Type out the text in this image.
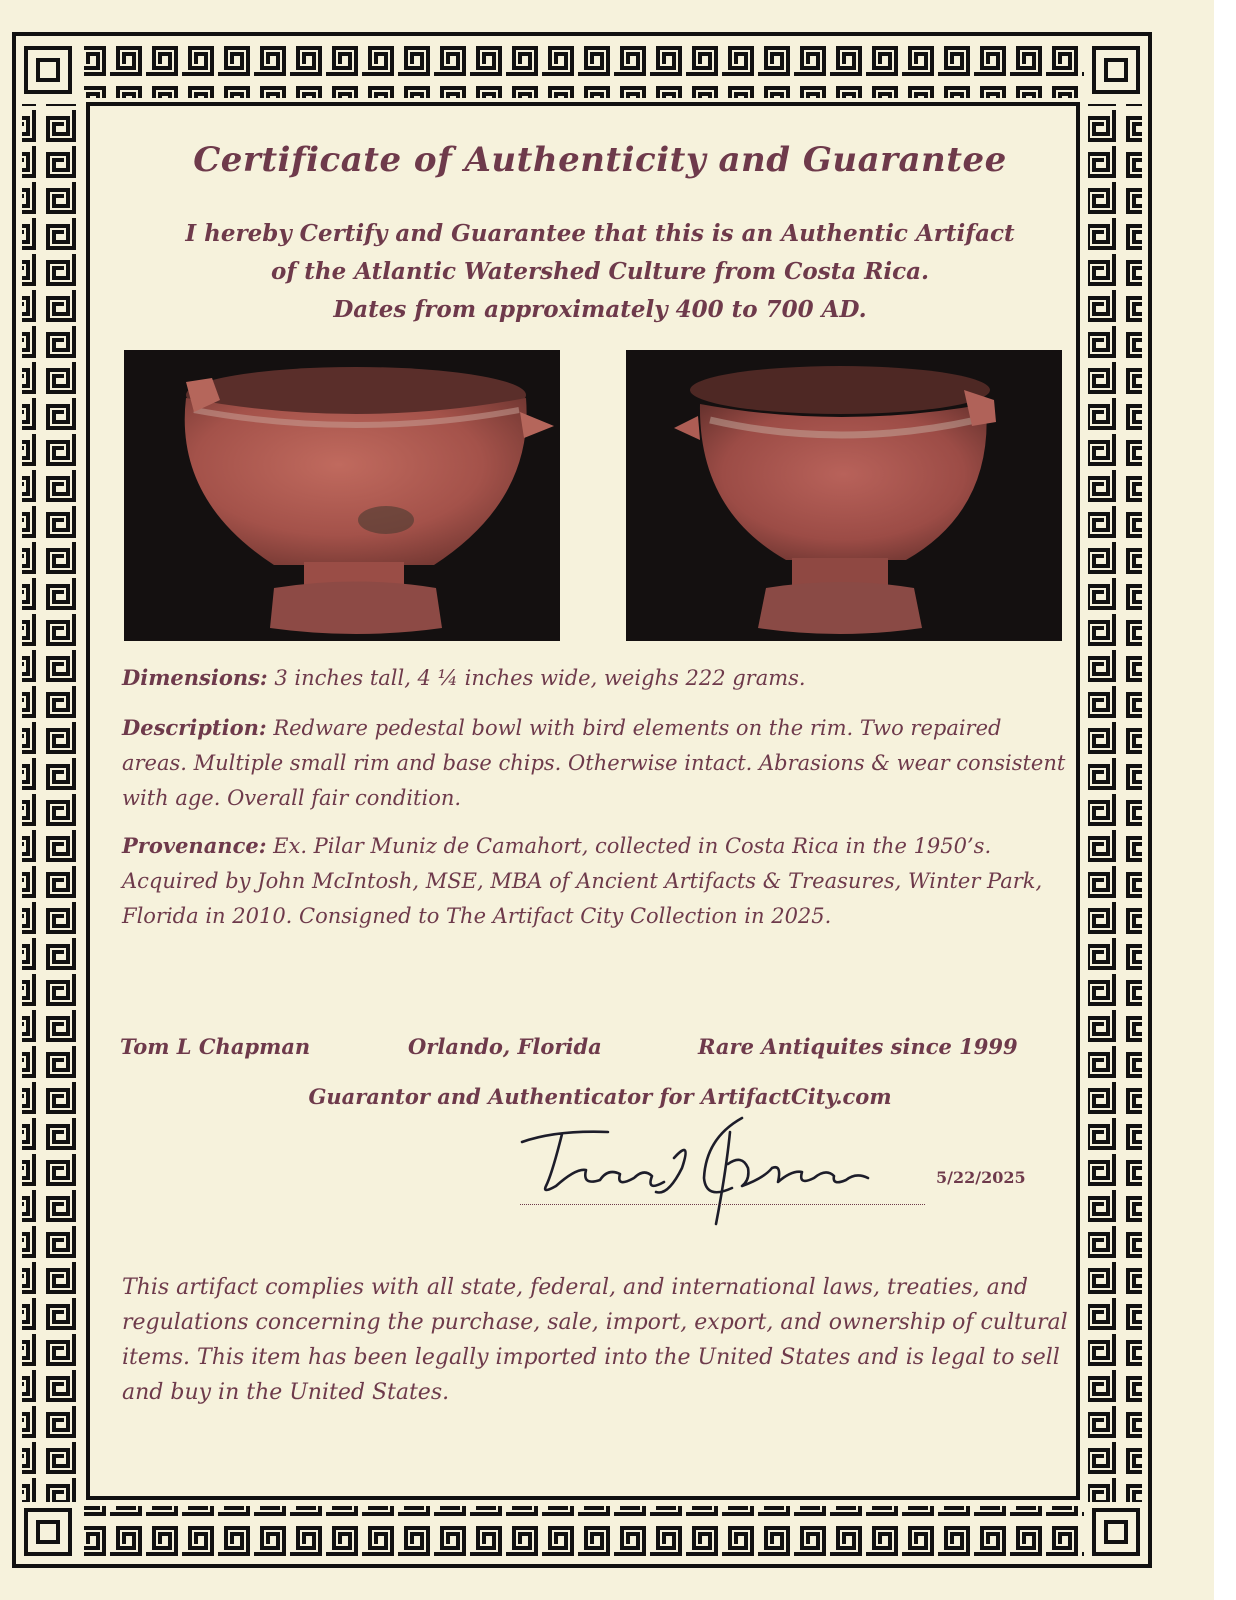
Certificate of Authenticity and Guarantee

I hereby Certify and Guarantee that this is an Authentic Artifact

of the Atlantic Watershed Culture from Costa Rica.

Dates from approximately 400 to 700 AD.

Dimensions: 3 inches tall, 4 ¼ inches wide, weighs 222 grams.

Description: Redware pedestal bowl with bird elements on the rim. Two repaired areas. Multiple small rim and base chips. Otherwise intact. Abrasions & wear consistent with age. Overall fair condition.

Provenance: Ex. Pilar Muniz de Camahort, collected in Costa Rica in the 1950’s. Acquired by John McIntosh, MSE, MBA of Ancient Artifacts & Treasures, Winter Park, Florida in 2010. Consigned to The Artifact City Collection in 2025.

Tom L Chapman	Orlando, Florida	Rare Antiquites since 1999

Guarantor and Authenticator for ArtifactCity.com

5/22/2025

This artifact complies with all state, federal, and international laws, treaties, and regulations concerning the purchase, sale, import, export, and ownership of cultural items. This item has been legally imported into the United States and is legal to sell and buy in the United States.
